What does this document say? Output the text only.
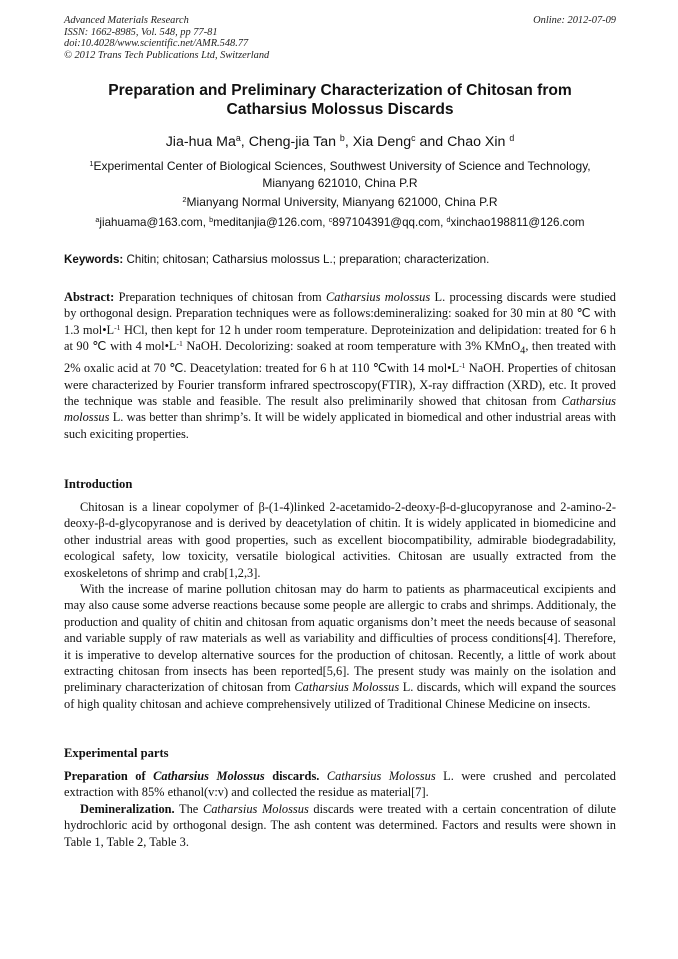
Advanced Materials Research
ISSN: 1662-8985, Vol. 548, pp 77-81
doi:10.4028/www.scientific.net/AMR.548.77
© 2012 Trans Tech Publications Ltd, Switzerland
Online: 2012-07-09
Preparation and Preliminary Characterization of Chitosan from
Catharsius Molossus Discards
Jia-hua Ma$^a$, Cheng-jia Tan $^b$, Xia Deng$^c$ and Chao Xin $^d$
$^1$Experimental Center of Biological Sciences, Southwest University of Science and Technology,
Mianyang 621010, China P.R
$^2$Mianyang Normal University, Mianyang 621000, China P.R
$^a$jiahuama@163.com, $^b$meditanjia@126.com, $^c$897104391@qq.com, $^d$xinchao198811@126.com
Keywords: Chitin; chitosan; Catharsius molossus L.; preparation; characterization.
Abstract: Preparation techniques of chitosan from Catharsius molossus L. processing discards were studied by orthogonal design. Preparation techniques were as follows:demineralizing: soaked for 30 min at 80 ℃ with 1.3 $mol•L^{-1}$ HCl, then kept for 12 h under room temperature. Deproteinization and delipidation: treated for 6 h at 90 ℃ with 4 $mol•L^{-1}$ NaOH. Decolorizing: soaked at room temperature with 3% KMnO$_4$, then treated with 2% oxalic acid at 70 ℃. Deacetylation: treated for 6 h at 110 ℃with 14 $mol•L^{-1}$ NaOH. Properties of chitosan were characterized by Fourier transform infrared spectroscopy(FTIR), X-ray diffraction (XRD), etc. It proved the technique was stable and feasible. The result also preliminarily showed that chitosan from Catharsius molossus L. was better than shrimp’s. It will be widely applicated in biomedical and other industrial areas with such exiciting properties.
Introduction

Chitosan is a linear copolymer of β-(1-4)linked 2-acetamido-2-deoxy-β-d-glucopyranose and 2-amino-2-deoxy-β-d-glycopyranose and is derived by deacetylation of chitin. It is widely applicated in biomedicine and other industrial areas with good properties, such as excellent biocompatibility, admirable biodegradability, ecological safety, low toxicity, versatile biological activities. Chitosan are usually extracted from the exoskeletons of shrimp and crab[1,2,3].

With the increase of marine pollution chitosan may do harm to patients as pharmaceutical excipients and may also cause some adverse reactions because some people are allergic to crabs and shrimps. Additionaly, the production and quality of chitin and chitosan from aquatic organisms don’t meet the needs because of seasonal and variable supply of raw materials as well as variability and difficulties of process conditions[4]. Therefore, it is imperative to develop alternative sources for the production of chitosan. Recently, a little of work about extracting chitosan from insects has been reported[5,6]. The present study was mainly on the isolation and preliminary characterization of chitosan from Catharsius Molossus L. discards, which will expand the sources of high quality chitosan and achieve comprehensively utilized of Traditional Chinese Medicine on insects.

Experimental parts

Preparation of Catharsius Molossus discards. Catharsius Molossus L. were crushed and percolated extraction with 85% ethanol(v:v) and collected the residue as material[7].

Demineralization. The Catharsius Molossus discards were treated with a certain concentration of dilute hydrochloric acid by orthogonal design. The ash content was determined. Factors and results were shown in Table 1, Table 2, Table 3.
